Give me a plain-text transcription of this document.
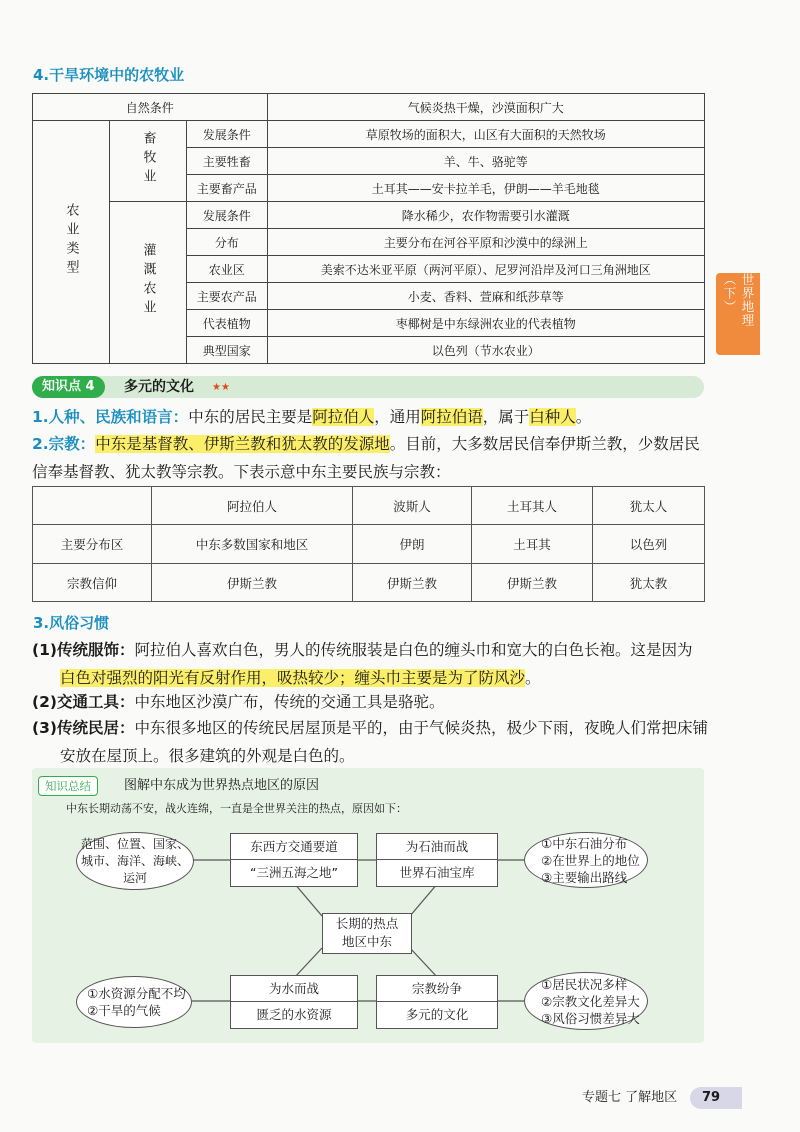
4.干旱环境中的农牧业
自然条件			气候炎热干燥，沙漠面积广大
农业类型	畜牧业	发展条件	草原牧场的面积大，山区有大面积的天然牧场
		主要牲畜	羊、牛、骆驼等
		主要畜产品	土耳其——安卡拉羊毛，伊朗——羊毛地毯
	灌溉农业	发展条件	降水稀少，农作物需要引水灌溉
		分布	主要分布在河谷平原和沙漠中的绿洲上
		农业区	美索不达米亚平原（两河平原）、尼罗河沿岸及河口三角洲地区
		主要农产品	小麦、香料、萱麻和纸莎草等
		代表植物	枣椰树是中东绿洲农业的代表植物
		典型国家	以色列（节水农业）
世界地理（下）
知识点 4	多元的文化 ★★
1.人种、民族和语言：中东的居民主要是阿拉伯人，通用阿拉伯语，属于白种人。
2.宗教：中东是基督教、伊斯兰教和犹太教的发源地。目前，大多数居民信奉伊斯兰教，少数居民
信奉基督教、犹太教等宗教。下表示意中东主要民族与宗教：
	阿拉伯人	波斯人	土耳其人	犹太人
主要分布区	中东多数国家和地区	伊朗	土耳其	以色列
宗教信仰	伊斯兰教	伊斯兰教	伊斯兰教	犹太教
3.风俗习惯
(1)传统服饰：阿拉伯人喜欢白色，男人的传统服装是白色的缠头巾和宽大的白色长袍。这是因为
白色对强烈的阳光有反射作用，吸热较少；缠头巾主要是为了防风沙。
(2)交通工具：中东地区沙漠广布，传统的交通工具是骆驼。
(3)传统民居：中东很多地区的传统民居屋顶是平的，由于气候炎热，极少下雨，夜晚人们常把床铺
安放在屋顶上。很多建筑的外观是白色的。
知识总结	图解中东成为世界热点地区的原因
中东长期动荡不安，战火连绵，一直是全世界关注的热点，原因如下：
范围、位置、国家、
城市、海洋、海峡、
运河
东西方交通要道
“三洲五海之地”
为石油而战
世界石油宝库
①中东石油分布
②在世界上的地位
③主要输出路线
长期的热点
地区中东
①水资源分配不均
②干旱的气候
为水而战
匮乏的水资源
宗教纷争
多元的文化
①居民状况多样
②宗教文化差异大
③风俗习惯差异大
专题七 了解地区	79
